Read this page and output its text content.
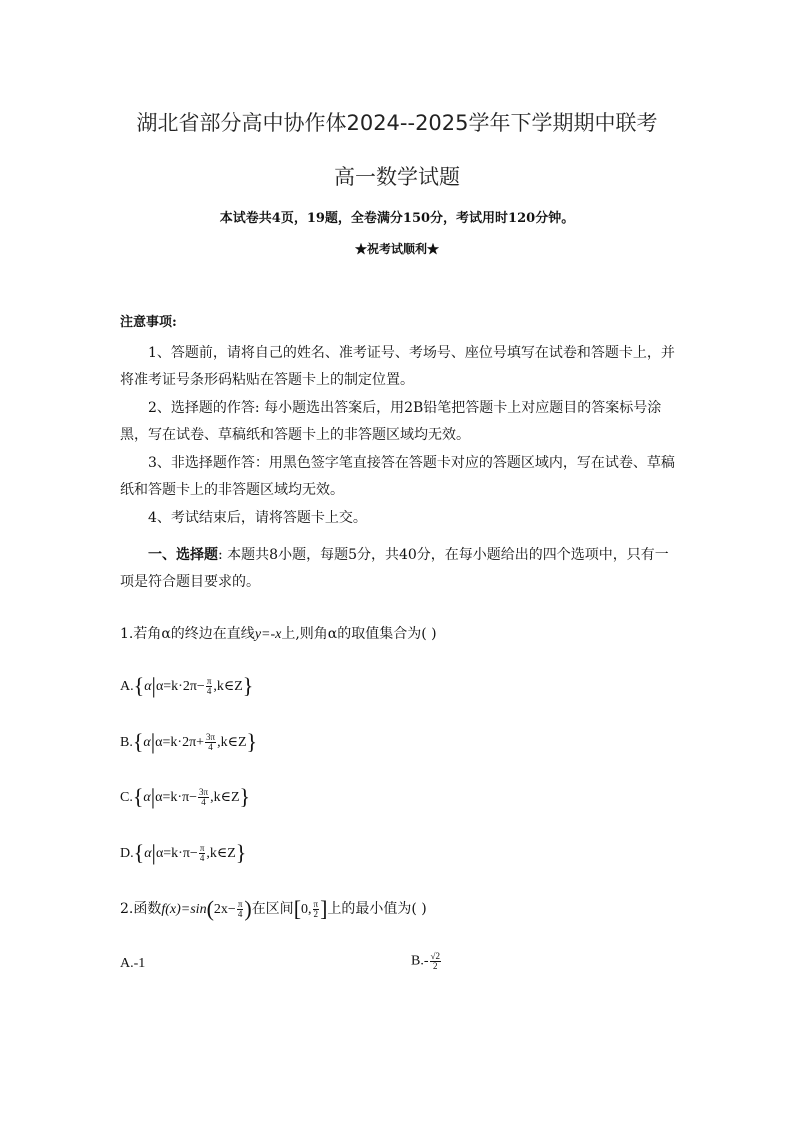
湖北省部分高中协作体2024--2025学年下学期期中联考
高一数学试题
本试卷共4页，19题，全卷满分150分，考试用时120分钟。
★祝考试顺利★
注意事项:
1、答题前，请将自己的姓名、准考证号、考场号、座位号填写在试卷和答题卡上，并将准考证号条形码粘贴在答题卡上的制定位置。
2、选择题的作答: 每小题选出答案后，用2B铅笔把答题卡上对应题目的答案标号涂黑，写在试卷、草稿纸和答题卡上的非答题区域均无效。
3、非选择题作答：用黑色签字笔直接答在答题卡对应的答题区域内，写在试卷、草稿纸和答题卡上的非答题区域均无效。
4、考试结束后，请将答题卡上交。
一、选择题: 本题共8小题，每题5分，共40分，在每小题给出的四个选项中，只有一项是符合题目要求的。
1.若角α的终边在直线y=-x上,则角α的取值集合为( )
$A.\{\alpha|\alpha=k\cdot 2\pi- \frac{\pi}{4}$ ,k∈Z}
$B.\{\alpha|\alpha=k\cdot 2\pi+ \frac{3\pi}{4}$ ,k∈Z}
$C.\{\alpha|\alpha=k\cdot\pi- \frac{3\pi}{4}$ ,k∈Z}
$D.\{\alpha|\alpha=k\cdot\pi- \frac{\pi}{4}$ ,k∈Z}
2.函数$f(x)=\sin(2x- \frac{\pi}{4}$ )在区间[0, $\frac{\pi}{2}$ ]上的最小值为( )
A.-1	$B.- \frac{√2}{2}$
